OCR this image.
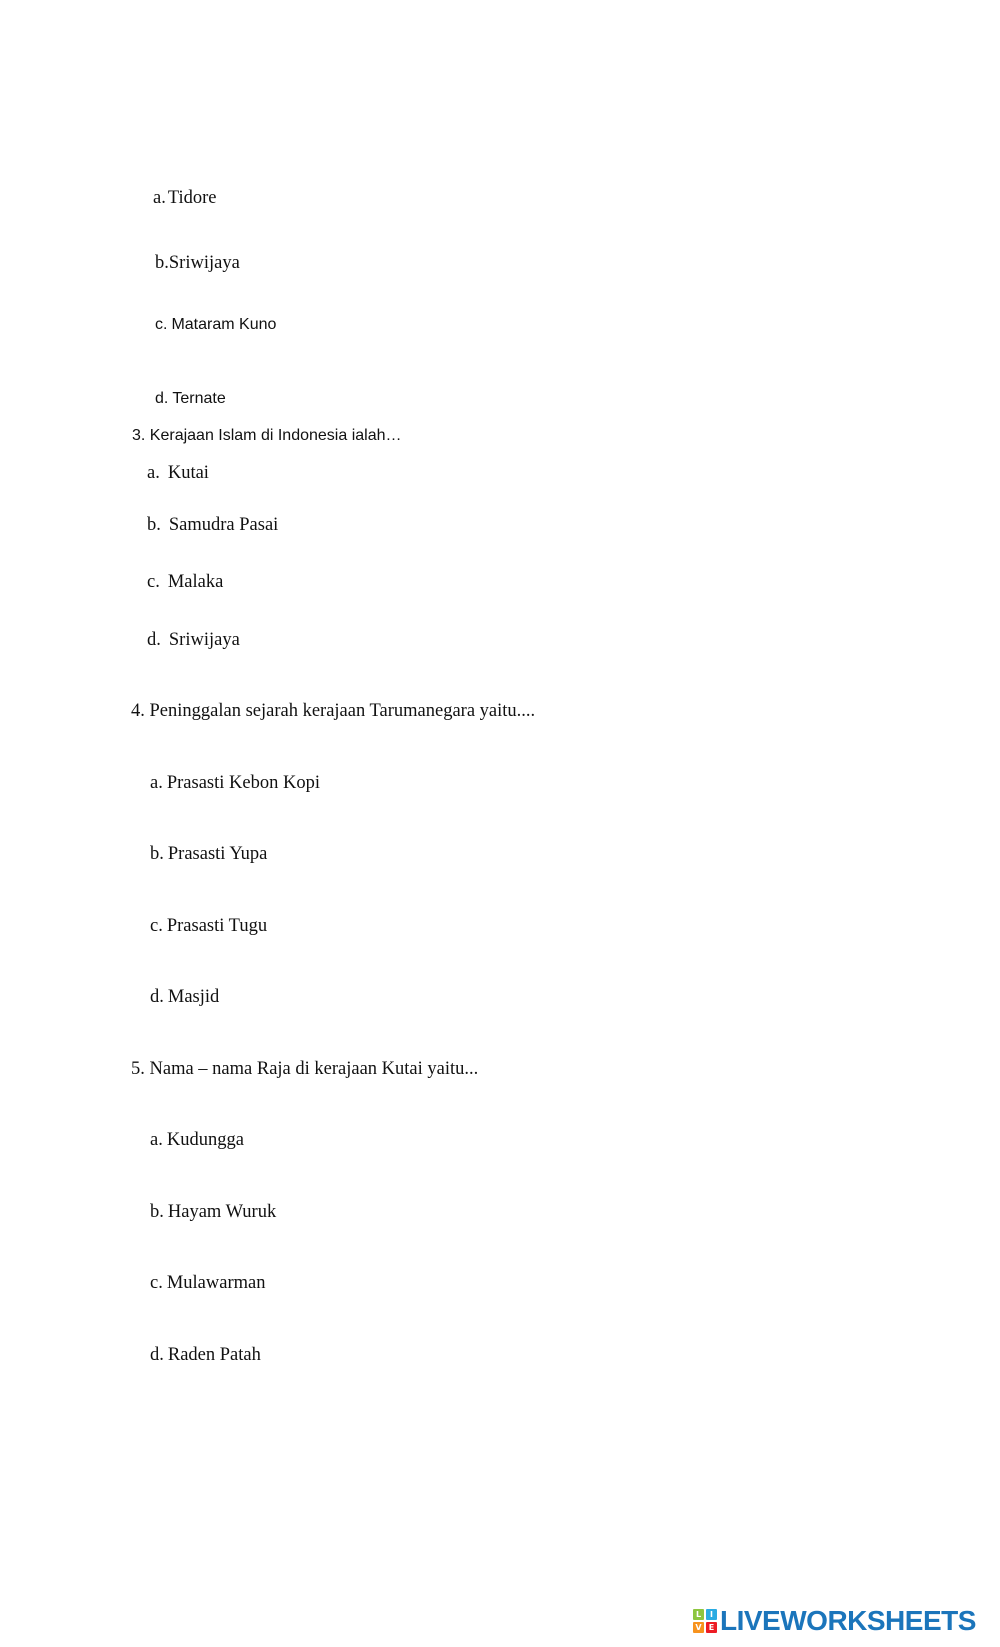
a. Tidore
b.Sriwijaya
c. Mataram Kuno
d. Ternate
3. Kerajaan Islam di Indonesia ialah…
a. Kutai
b. Samudra Pasai
c. Malaka
d. Sriwijaya
4. Peninggalan sejarah kerajaan Tarumanegara yaitu....
a. Prasasti Kebon Kopi
b. Prasasti Yupa
c. Prasasti Tugu
d. Masjid
5. Nama – nama Raja di kerajaan Kutai yaitu...
a. Kudungga
b. Hayam Wuruk
c. Mulawarman
d. Raden Patah
L	I
V E LIVEWORKSHEETS
